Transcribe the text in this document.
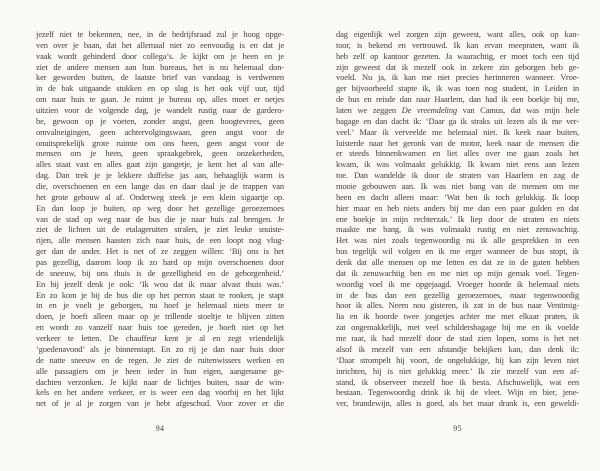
jezelf niet te bekennen, nee, in de bedrijfsraad zul je hoog opge-
ven over je baan, dat het allemaal niet zo eenvoudig is en dat je
vaak wordt gehinderd door collega’s. Je kijkt om je heen en je
ziet de andere mensen aan hun bureaus, het is nu helemaal don-
ker geworden buiten, de laatste brief van vandaag is verdwenen
in de bak uitgaande stukken en op slag is het ook vijf uur, tijd
om naar huis te gaan. Je ruimt je bureau op, alles moet er netjes
uitzien voor de volgende dag, je wandelt rustig naar de gardero-
be, gewoon op je voeten, zonder angst, geen hoogtevrees, geen
omvalneigingen, geen achtervolgingswaan, geen angst voor de
onuitsprekelijk grote ruimte om ons heen, geen angst voor de
mensen om je heen, geen spraakgebrek, geen onzekerheden,
alles staat vast en alles gaat zijn gangetje, je kent het al van alle-
dag. Dan trek je je lekkere duffelse jas aan, behaaglijk warm is
die, overschoenen en een lange das en daar daal je de trappen van
het grote gebouw al af. Onderweg steek je een klein sigaartje op.
En dan loop je buiten, op weg door het gezellige geroezemoes
van de stad op weg naar de bus die je naar huis zal brengen. Je
ziet de lichten uit de etalageruiten stralen, je ziet leuke snuiste-
rijen, alle mensen haasten zich naar huis, de een loopt nog vlug-
ger dan de ander. Het is net of ze zeggen willen: ‘Bij ons is het
pas gezellig, daarom loop ik zo hard op mijn overschoenen door
de sneeuw, bij ons thuis is de gezelligheid en de geborgenheid.’
En bij jezelf denk je ook: ‘Ik wou dat ik maar alvast thuis was.’
En zo kom je bij de bus die op het perron staat te ronken, je stapt
in en je voelt je geborgen, nu hoef je helemaal niets meer te
doen, je hoeft alleen maar op je trillende stoeltje te blijven zitten
en wordt zo vanzelf naar huis toe gereden, je hoeft niet op het
verkeer te letten. De chauffeur kent je al en zegt vriendelijk
‘goedenavond’ als je binnenstapt. En zo rij je dan naar huis door
de natte sneeuw en de regen. Je ziet de ruitenwissers werken en
alle passagiers om je heen ieder in hun eigen, aangename ge-
dachten verzonken. Je kijkt naar de lichtjes buiten, naar de win-
kels en het andere verkeer, er is weer een dag voorbij en het lijkt
net of je al je zorgen van je hebt afgeschud. Voor zover er die
94
dag eigenlijk wel zorgen zijn geweest, want alles, ook op kan-
toor, is bekend en vertrouwd. Ik kan ervan meepraten, want ik
heb zelf op kantoor gezeten. Ja waarachtig, er moet toch een tijd
zijn geweest dat ik mezelf ook in zekere zin geborgen heb ge-
voeld. Nu ja, ik kan me niet precies herinneren wanneer. Vroe-
ger bijvoorbeeld stapte ik, ik was toen nog student, in Leiden in
de bus en reisde dan naar Haarlem, dan had ik een boekje bij me,
laten we zeggen De vreemdeling van Camus, dat was mijn hele
bagage en dan dacht ik: ‘Daar ga ik straks uit lezen als ik me ver-
veel.’ Maar ik verveelde me helemaal niet. Ik keek naar buiten,
luisterde naar het geronk van de motor, keek naar de mensen die
er steeds binnenkwamen en liet alles over me gaan zoals het
kwam, ik was volmaakt gelukkig. Ik kwam niet eens aan lezen
toe. Dan wandelde ik door de straten van Haarlem en zag de
mooie gebouwen aan. Ik was niet bang van de mensen om me
heen en dacht alleen maar: ‘Wat ben ik toch gelukkig. Ik loop
hier maar en heb niets anders bij me dan een paar gulden en dat
ene boekje in mijn rechterzak.’ Ik liep door de straten en niets
maakte me bang, ik was volmaakt rustig en niet zenuwachtig.
Het was niet zoals tegenwoordig nu ik alle gesprekken in een
bus tegelijk wil volgen en ik me erger wanneer de bus stopt, ik
denk dat alle mensen op me letten en dat ze in de gaten hebben
dat ik zenuwachtig ben en me niet op mijn gemak voel. Tegen-
woordig voel ik me opgejaagd. Vroeger hoorde ik helemaal niets
in de bus dan een gezellig geroezemoes, maar tegenwoordig
hoor ik alles. Neem nou gisteren, ik zat in de bus naar Ventimig-
lia en ik hoorde twee jongetjes achter me met elkaar praten, ik
zat ongemakkelijk, met veel schildersbagage bij me en ik voelde
me raar, ik had mezelf door de stad zien lopen, soms is het net
alsof ik mezelf van een afstandje bekijken kan, dan denk ik:
‘Daar strompelt hij voort, de ongelukkige, hij kan zijn leven niet
inrichten, hij is niet gelukkig meer.’ Ik zie mezelf van een af-
stand, ik observeer mezelf hoe ik besta. Afschuwelijk, wat een
bestaan. Tegenwoordig drink ik bij de vleet. Wijn en bier, jene-
ver, brandewijn, alles is goed, als het maar drank is, een geweldi-
95
